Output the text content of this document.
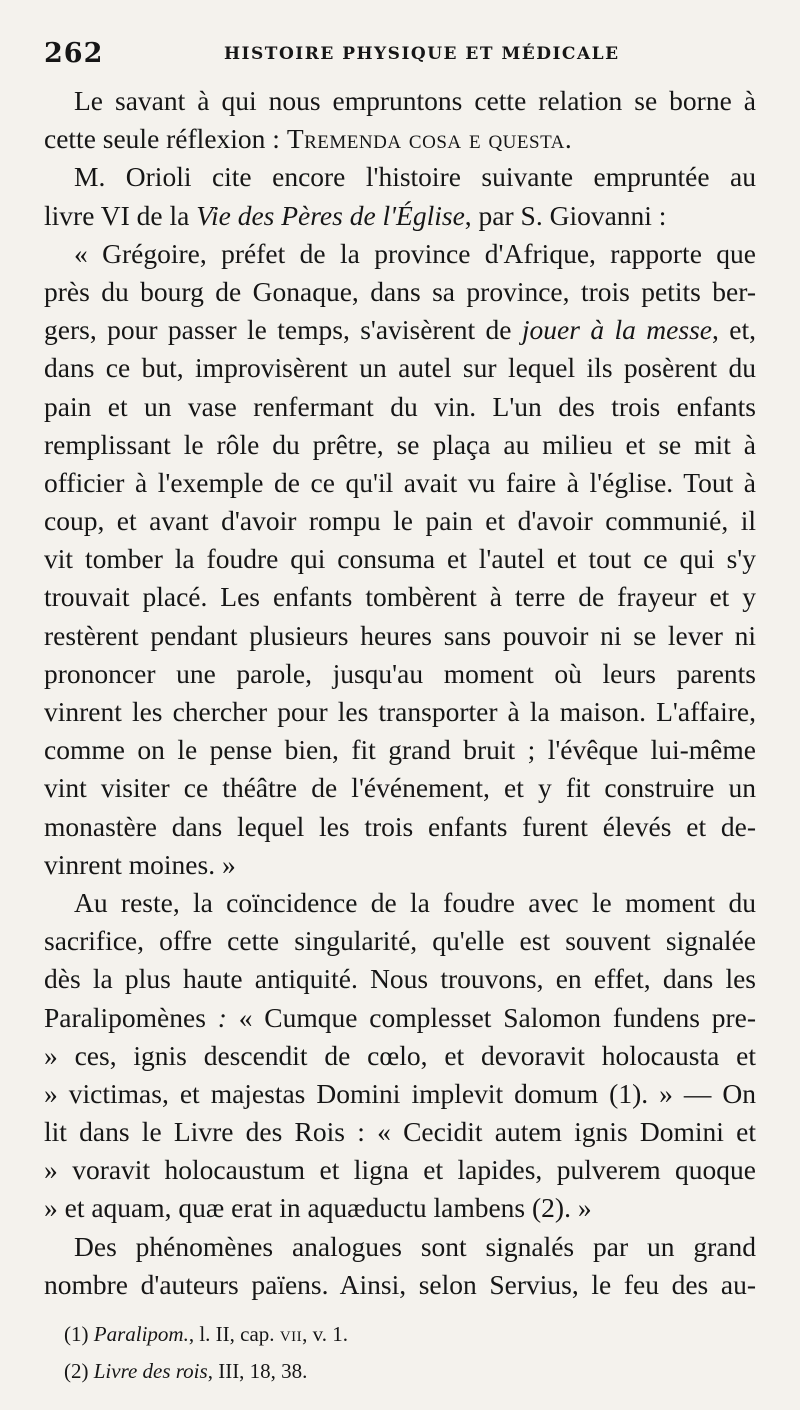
262	HISTOIRE PHYSIQUE ET MÉDICALE
Le savant à qui nous empruntons cette relation se borne à
cette seule réflexion : Tremenda cosa e questa.
M. Orioli cite encore l'histoire suivante empruntée au
livre VI de la Vie des Pères de l'Église, par S. Giovanni :
« Grégoire, préfet de la province d'Afrique, rapporte que
près du bourg de Gonaque, dans sa province, trois petits ber-
gers, pour passer le temps, s'avisèrent de jouer à la messe, et,
dans ce but, improvisèrent un autel sur lequel ils posèrent du
pain et un vase renfermant du vin. L'un des trois enfants
remplissant le rôle du prêtre, se plaça au milieu et se mit à
officier à l'exemple de ce qu'il avait vu faire à l'église. Tout à
coup, et avant d'avoir rompu le pain et d'avoir communié, il
vit tomber la foudre qui consuma et l'autel et tout ce qui s'y
trouvait placé. Les enfants tombèrent à terre de frayeur et y
restèrent pendant plusieurs heures sans pouvoir ni se lever ni
prononcer une parole, jusqu'au moment où leurs parents
vinrent les chercher pour les transporter à la maison. L'affaire,
comme on le pense bien, fit grand bruit ; l'évêque lui-même
vint visiter ce théâtre de l'événement, et y fit construire un
monastère dans lequel les trois enfants furent élevés et de-
vinrent moines. »
Au reste, la coïncidence de la foudre avec le moment du
sacrifice, offre cette singularité, qu'elle est souvent signalée
dès la plus haute antiquité. Nous trouvons, en effet, dans les
Paralipomènes : « Cumque complesset Salomon fundens pre-
» ces, ignis descendit de cœlo, et devoravit holocausta et
» victimas, et majestas Domini implevit domum (1). » — On
lit dans le Livre des Rois : « Cecidit autem ignis Domini et
» voravit holocaustum et ligna et lapides, pulverem quoque
» et aquam, quæ erat in aquæductu lambens (2). »
Des phénomènes analogues sont signalés par un grand
nombre d'auteurs païens. Ainsi, selon Servius, le feu des au-
(1) Paralipom., l. II, cap. vii, v. 1.
(2) Livre des rois, III, 18, 38.
